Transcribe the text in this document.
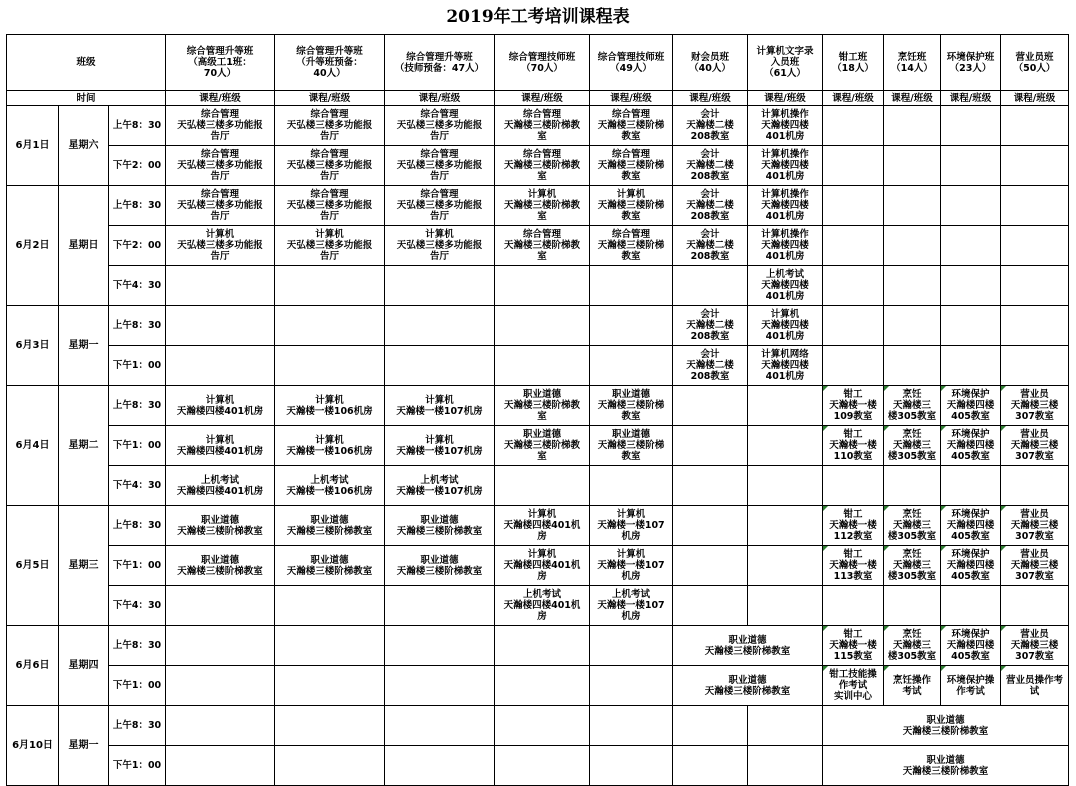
2019年工考培训课程表
班级			综合管理升等班
（高级工1班：
70人）	综合管理升等班
（升等班预备：
40人）	综合管理升等班
（技师预备：47人）	综合管理技师班
（70人）	综合管理技师班
（49人）	财会员班
（40人）	计算机文字录
入员班
（61人）	钳工班
（18人）	烹饪班
（14人）	环境保护班
（23人）	营业员班
（50人）
时间			课程/班级	课程/班级	课程/班级	课程/班级	课程/班级	课程/班级	课程/班级	课程/班级	课程/班级	课程/班级	课程/班级
6月1日	星期六	上午8：30	综合管理
天弘楼三楼多功能报
告厅	综合管理
天弘楼三楼多功能报
告厅	综合管理
天弘楼三楼多功能报
告厅	综合管理
天瀚楼三楼阶梯教
室	综合管理
天瀚楼三楼阶梯
教室	会计
天瀚楼二楼
208教室	计算机操作
天瀚楼四楼
401机房				
		下午2：00	综合管理
天弘楼三楼多功能报
告厅	综合管理
天弘楼三楼多功能报
告厅	综合管理
天弘楼三楼多功能报
告厅	综合管理
天瀚楼三楼阶梯教
室	综合管理
天瀚楼三楼阶梯
教室	会计
天瀚楼二楼
208教室	计算机操作
天瀚楼四楼
401机房				
6月2日	星期日	上午8：30	综合管理
天弘楼三楼多功能报
告厅	综合管理
天弘楼三楼多功能报
告厅	综合管理
天弘楼三楼多功能报
告厅	计算机
天瀚楼三楼阶梯教
室	计算机
天瀚楼三楼阶梯
教室	会计
天瀚楼二楼
208教室	计算机操作
天瀚楼四楼
401机房				
		下午2：00	计算机
天弘楼三楼多功能报
告厅	计算机
天弘楼三楼多功能报
告厅	计算机
天弘楼三楼多功能报
告厅	综合管理
天瀚楼三楼阶梯教
室	综合管理
天瀚楼三楼阶梯
教室	会计
天瀚楼二楼
208教室	计算机操作
天瀚楼四楼
401机房				
		下午4：30							上机考试
天瀚楼四楼
401机房				
6月3日	星期一	上午8：30						会计
天瀚楼二楼
208教室	计算机
天瀚楼四楼
401机房				
		下午1：00						会计
天瀚楼二楼
208教室	计算机网络
天瀚楼四楼
401机房				
6月4日	星期二	上午8：30	计算机
天瀚楼四楼401机房	计算机
天瀚楼一楼106机房	计算机
天瀚楼一楼107机房	职业道德
天瀚楼三楼阶梯教
室	职业道德
天瀚楼三楼阶梯
教室			钳工
天瀚楼一楼
109教室	烹饪
天瀚楼三
楼305教室	环境保护
天瀚楼四楼
405教室	营业员
天瀚楼三楼
307教室
		下午1：00	计算机
天瀚楼四楼401机房	计算机
天瀚楼一楼106机房	计算机
天瀚楼一楼107机房	职业道德
天瀚楼三楼阶梯教
室	职业道德
天瀚楼三楼阶梯
教室			钳工
天瀚楼一楼
110教室	烹饪
天瀚楼三
楼305教室	环境保护
天瀚楼四楼
405教室	营业员
天瀚楼三楼
307教室
		下午4：30	上机考试
天瀚楼四楼401机房	上机考试
天瀚楼一楼106机房	上机考试
天瀚楼一楼107机房								
6月5日	星期三	上午8：30	职业道德
天瀚楼三楼阶梯教室	职业道德
天瀚楼三楼阶梯教室	职业道德
天瀚楼三楼阶梯教室	计算机
天瀚楼四楼401机
房	计算机
天瀚楼一楼107
机房			钳工
天瀚楼一楼
112教室	烹饪
天瀚楼三
楼305教室	环境保护
天瀚楼四楼
405教室	营业员
天瀚楼三楼
307教室
		下午1：00	职业道德
天瀚楼三楼阶梯教室	职业道德
天瀚楼三楼阶梯教室	职业道德
天瀚楼三楼阶梯教室	计算机
天瀚楼四楼401机
房	计算机
天瀚楼一楼107
机房			钳工
天瀚楼一楼
113教室	烹饪
天瀚楼三
楼305教室	环境保护
天瀚楼四楼
405教室	营业员
天瀚楼三楼
307教室
		下午4：30				上机考试
天瀚楼四楼401机
房	上机考试
天瀚楼一楼107
机房						
6月6日	星期四	上午8：30						职业道德
天瀚楼三楼阶梯教室		钳工
天瀚楼一楼
115教室	烹饪
天瀚楼三
楼305教室	环境保护
天瀚楼四楼
405教室	营业员
天瀚楼三楼
307教室
		下午1：00						职业道德
天瀚楼三楼阶梯教室		钳工技能操
作考试
实训中心	烹饪操作
考试	环境保护操
作考试	营业员操作考
试
6月10日	星期一	上午8：30								职业道德
天瀚楼三楼阶梯教室			
		下午1：00								职业道德
天瀚楼三楼阶梯教室			
